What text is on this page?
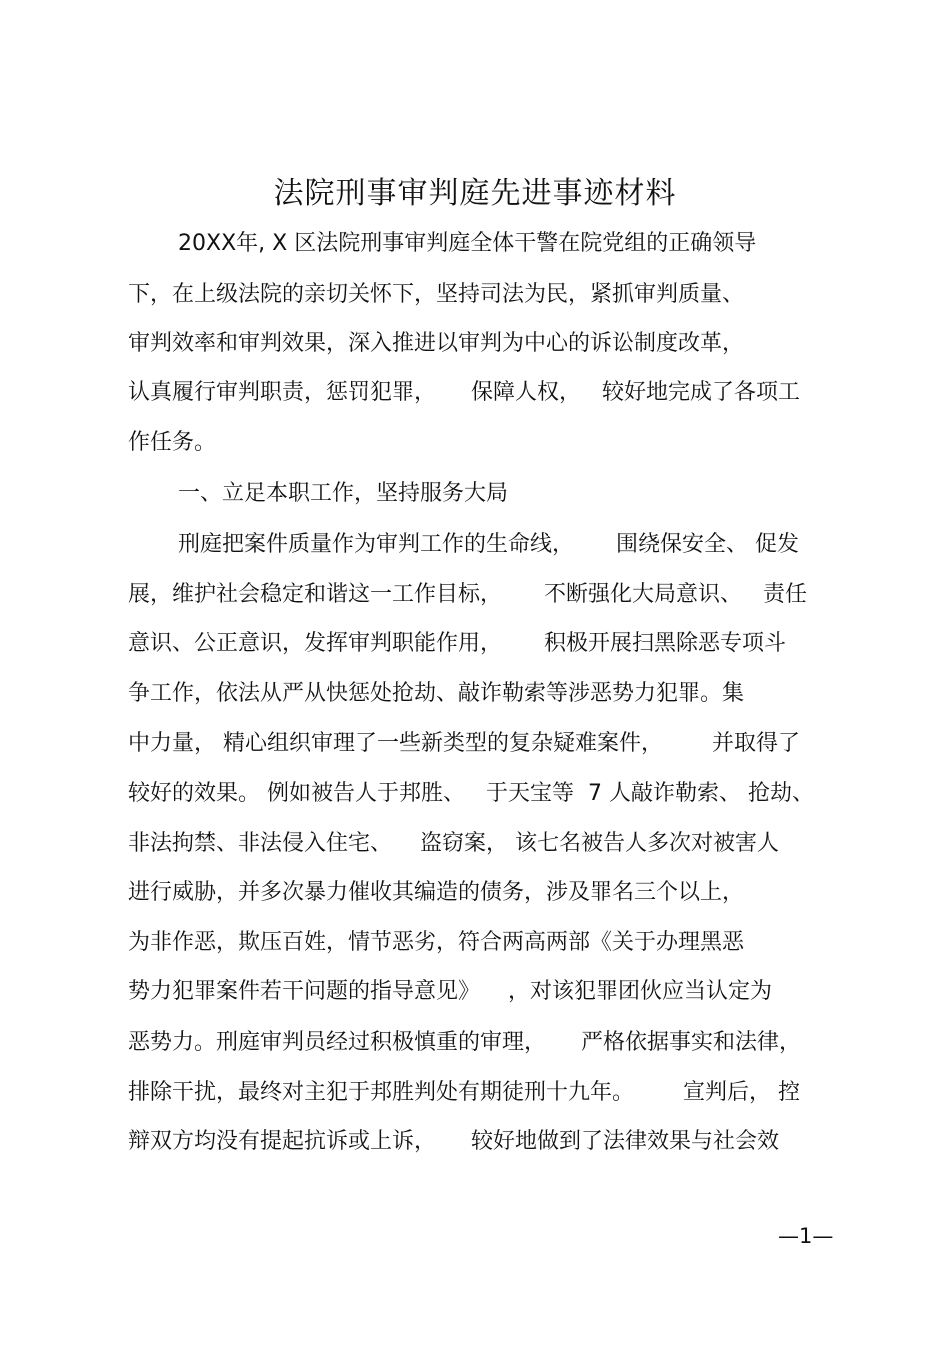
法院刑事审判庭先进事迹材料
20XX年, X 区法院刑事审判庭全体干警在院党组的正确领导
下，在上级法院的亲切关怀下，坚持司法为民，紧抓审判质量、
审判效率和审判效果，深入推进以审判为中心的诉讼制度改革，
认真履行审判职责，惩罚犯罪，     保障人权，   较好地完成了各项工
作任务。
一、立足本职工作，坚持服务大局
刑庭把案件质量作为审判工作的生命线，      围绕保安全、 促发
展，维护社会稳定和谐这一工作目标，      不断强化大局意识、   责任
意识、公正意识，发挥审判职能作用，      积极开展扫黑除恶专项斗
争工作，依法从严从快惩处抢劫、敲诈勒索等涉恶势力犯罪。集
中力量， 精心组织审理了一些新类型的复杂疑难案件，       并取得了
较好的效果。 例如被告人于邦胜、   于天宝等  7 人敲诈勒索、 抢劫、
非法拘禁、非法侵入住宅、    盗窃案， 该七名被告人多次对被害人
进行威胁，并多次暴力催收其编造的债务，涉及罪名三个以上，
为非作恶，欺压百姓，情节恶劣，符合两高两部《关于办理黑恶
势力犯罪案件若干问题的指导意见》    ，对该犯罪团伙应当认定为
恶势力。刑庭审判员经过积极慎重的审理，     严格依据事实和法律，
排除干扰，最终对主犯于邦胜判处有期徒刑十九年。       宣判后， 控
辩双方均没有提起抗诉或上诉，     较好地做到了法律效果与社会效
—1—
